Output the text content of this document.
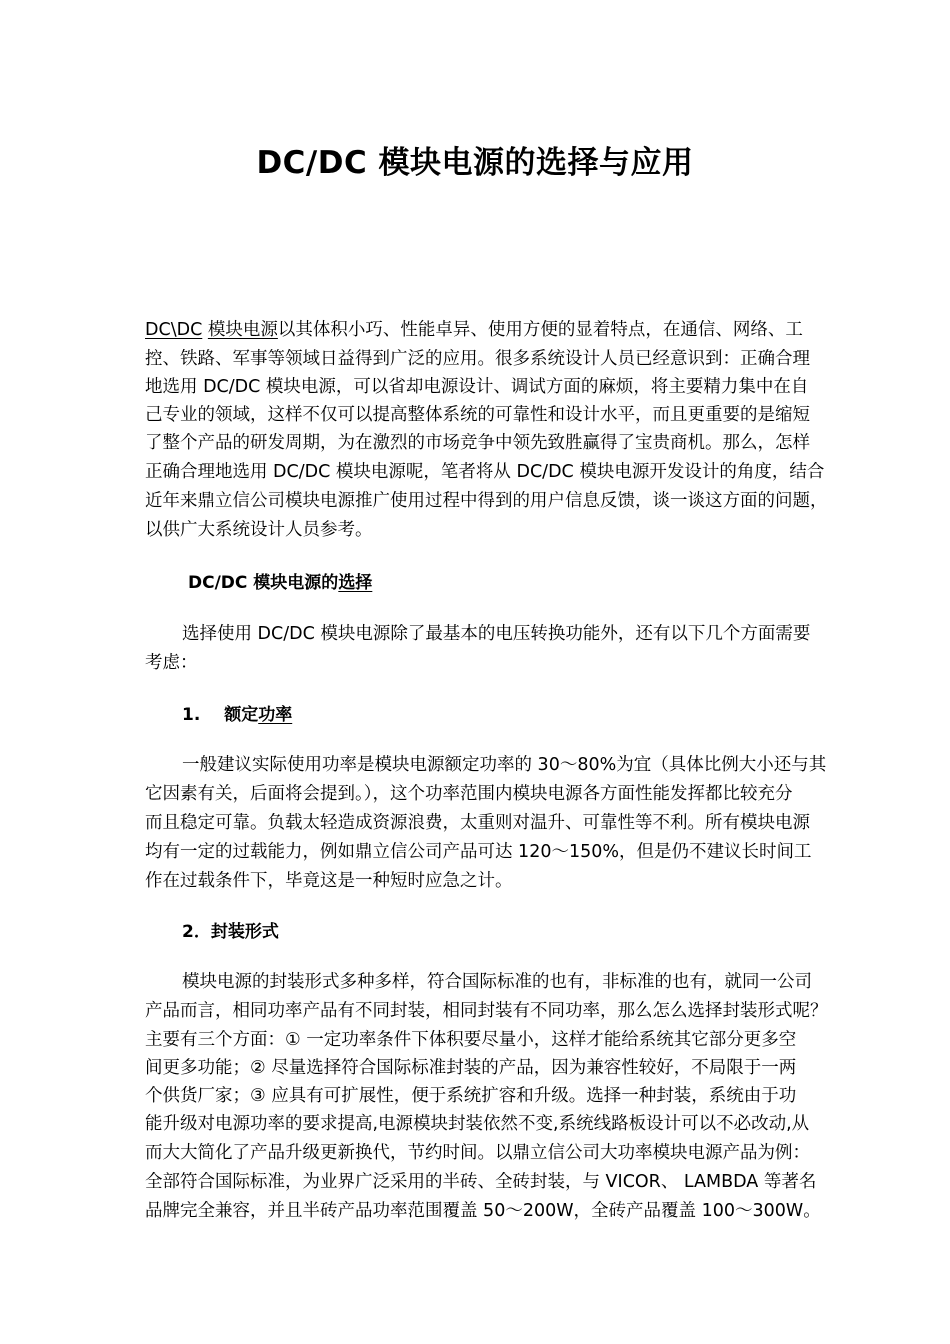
DC/DC 模块电源的选择与应用
DC\DC 模块电源以其体积小巧、性能卓异、使用方便的显着特点，在通信、网络、工
控、铁路、军事等领域日益得到广泛的应用。很多系统设计人员已经意识到：正确合理
地选用 DC/DC 模块电源，可以省却电源设计、调试方面的麻烦，将主要精力集中在自
己专业的领域，这样不仅可以提高整体系统的可靠性和设计水平，而且更重要的是缩短
了整个产品的研发周期，为在激烈的市场竞争中领先致胜赢得了宝贵商机。那么，怎样
正确合理地选用 DC/DC 模块电源呢，笔者将从 DC/DC 模块电源开发设计的角度，结合
近年来鼎立信公司模块电源推广使用过程中得到的用户信息反馈，谈一谈这方面的问题，
以供广大系统设计人员参考。
DC/DC 模块电源的选择
选择使用 DC/DC 模块电源除了最基本的电压转换功能外，还有以下几个方面需要
考虑：
1. 额定功率
一般建议实际使用功率是模块电源额定功率的 30～80%为宜（具体比例大小还与其
它因素有关，后面将会提到。），这个功率范围内模块电源各方面性能发挥都比较充分
而且稳定可靠。负载太轻造成资源浪费，太重则对温升、可靠性等不利。所有模块电源
均有一定的过载能力，例如鼎立信公司产品可达 120～150%，但是仍不建议长时间工
作在过载条件下，毕竟这是一种短时应急之计。
2．封装形式
模块电源的封装形式多种多样，符合国际标准的也有，非标准的也有，就同一公司
产品而言，相同功率产品有不同封装，相同封装有不同功率，那么怎么选择封装形式呢？
主要有三个方面：① 一定功率条件下体积要尽量小，这样才能给系统其它部分更多空
间更多功能；② 尽量选择符合国际标准封装的产品，因为兼容性较好，不局限于一两
个供货厂家；③ 应具有可扩展性，便于系统扩容和升级。选择一种封装，系统由于功
能升级对电源功率的要求提高,电源模块封装依然不变,系统线路板设计可以不必改动,从
而大大简化了产品升级更新换代，节约时间。以鼎立信公司大功率模块电源产品为例：
全部符合国际标准，为业界广泛采用的半砖、全砖封装，与 VICOR、 LAMBDA 等著名
品牌完全兼容，并且半砖产品功率范围覆盖 50～200W，全砖产品覆盖 100～300W。
